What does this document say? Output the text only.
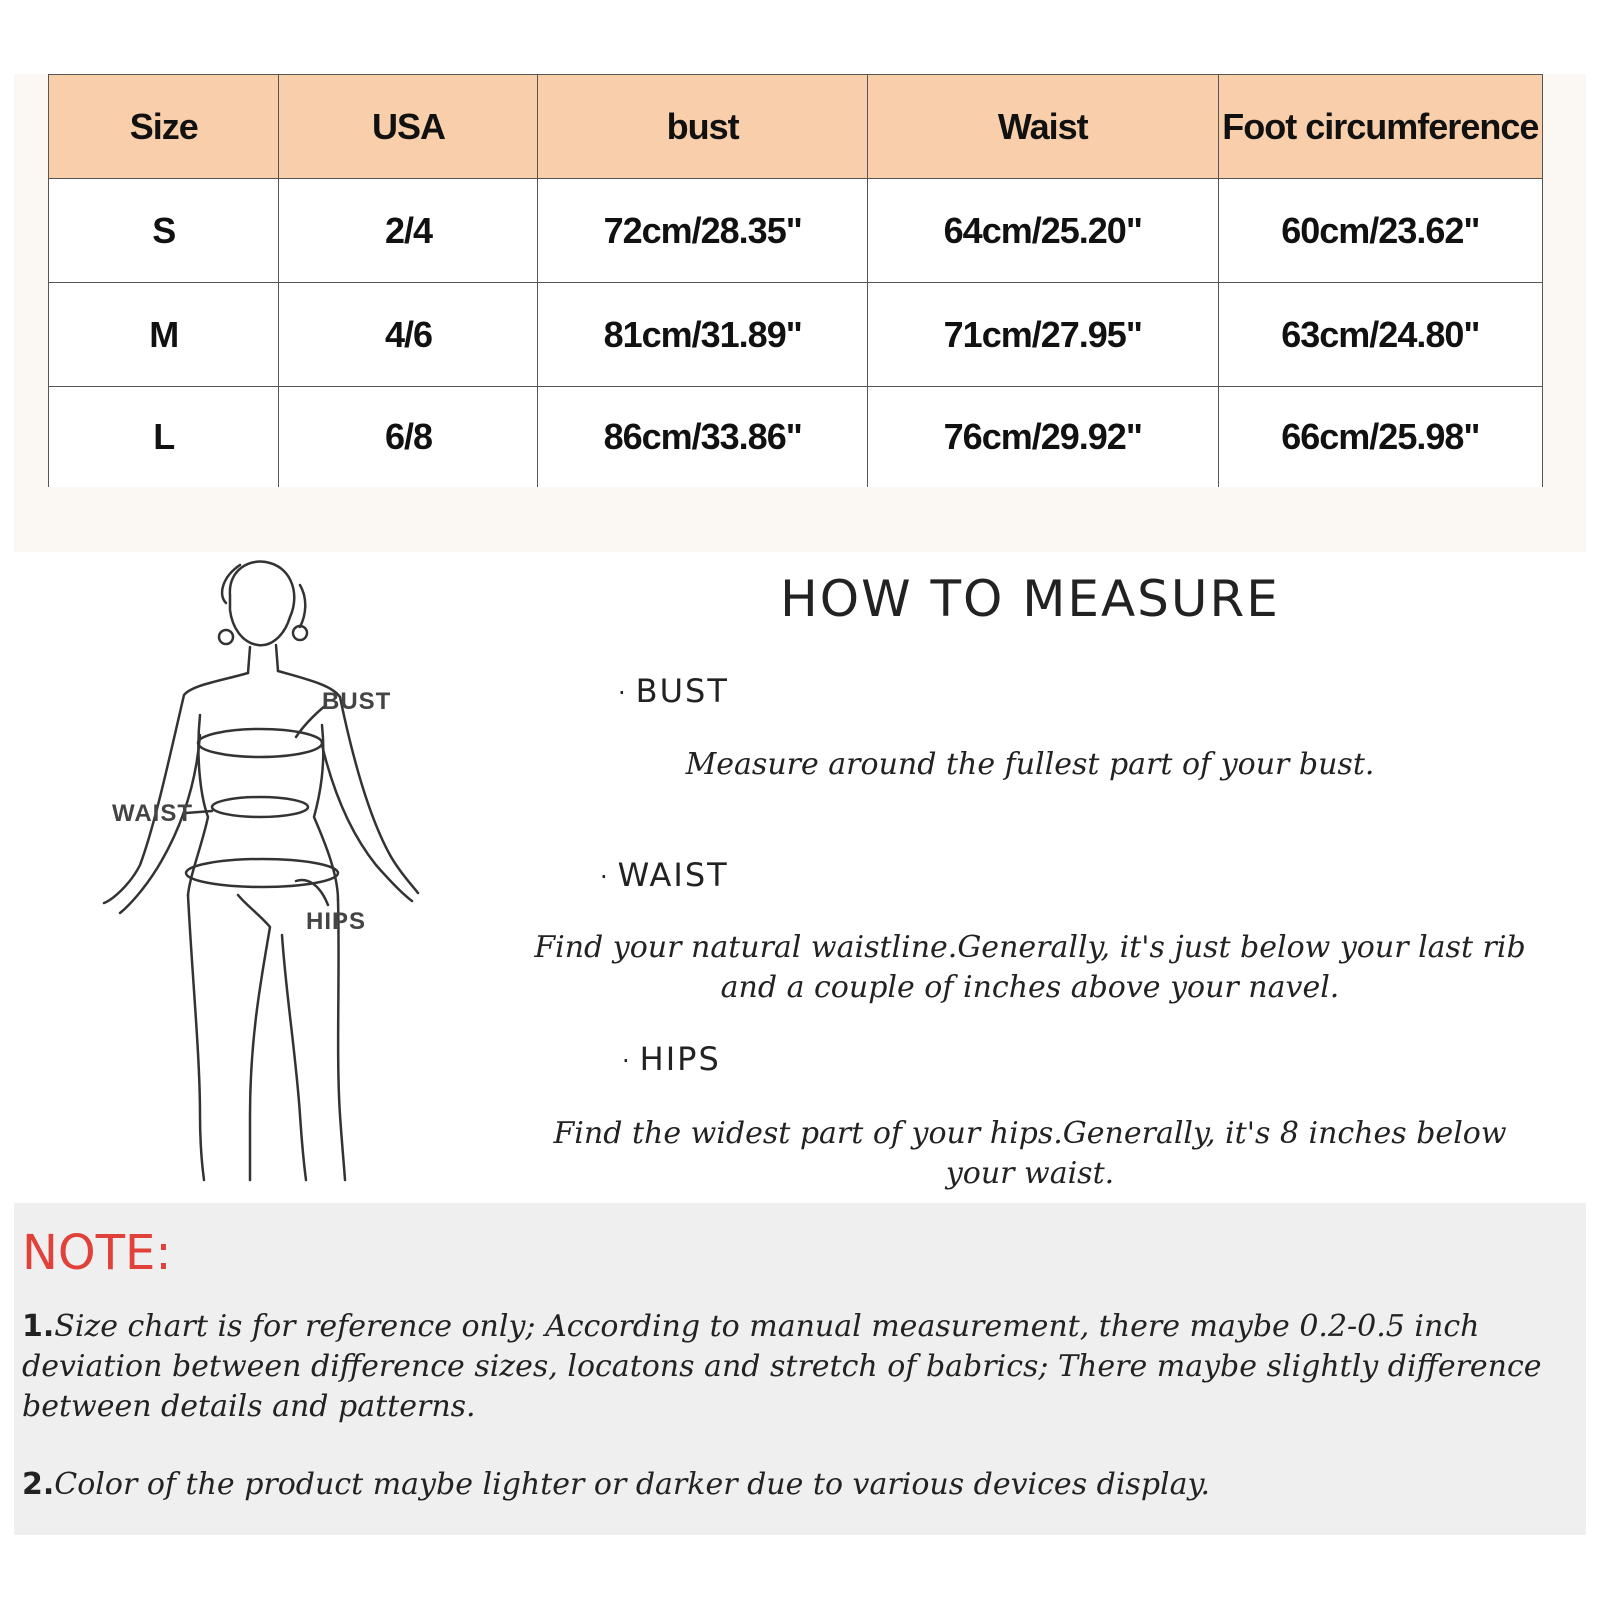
Size	USA	bust	Waist	Foot circumference
S	2/4	72cm/28.35"	64cm/25.20"	60cm/23.62"
M	4/6	81cm/31.89"	71cm/27.95"	63cm/24.80"
L	6/8	86cm/33.86"	76cm/29.92"	66cm/25.98"
BUST
WAIST
HIPS
HOW TO MEASURE
· BUST
Measure around the fullest part of your bust.
· WAIST
Find your natural waistline.Generally, it's just below your last rib
and a couple of inches above your navel.
· HIPS
Find the widest part of your hips.Generally, it's 8 inches below
your waist.
NOTE:
1.Size chart is for reference only; According to manual measurement, there maybe 0.2-0.5 inch deviation between difference sizes, locatons and stretch of babrics; There maybe slightly difference between details and patterns.
2.Color of the product maybe lighter or darker due to various devices display.
